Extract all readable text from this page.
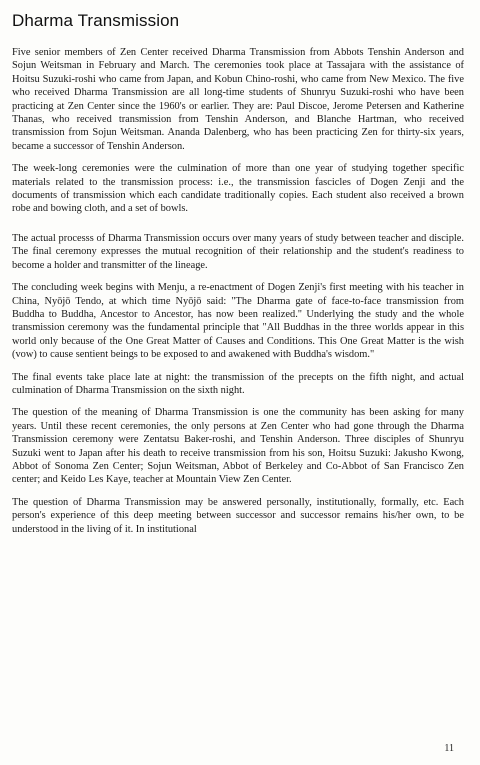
Dharma Transmission

Five senior members of Zen Center received Dharma Transmission from Abbots Tenshin Anderson and Sojun Weitsman in February and March. The ceremonies took place at Tassajara with the assistance of Hoitsu Suzuki-roshi who came from Japan, and Kobun Chino-roshi, who came from New Mexico. The five who received Dharma Transmission are all long-time students of Shunryu Suzuki-roshi who have been practicing at Zen Center since the 1960's or earlier. They are: Paul Discoe, Jerome Petersen and Katherine Thanas, who received transmission from Tenshin Anderson, and Blanche Hartman, who received transmission from Sojun Weitsman. Ananda Dalenberg, who has been practicing Zen for thirty-six years, became a successor of Tenshin Anderson.

The week-long ceremonies were the culmination of more than one year of studying together specific materials related to the transmission process: i.e., the transmission fascicles of Dogen Zenji and the documents of transmission which each candidate traditionally copies. Each student also received a brown robe and bowing cloth, and a set of bowls.

The actual processs of Dharma Transmission occurs over many years of study between teacher and disciple. The final ceremony expresses the mutual recognition of their relationship and the student's readiness to become a holder and transmitter of the lineage.

The concluding week begins with Menju, a re-enactment of Dogen Zenji's first meeting with his teacher in China, Nyōjō Tendo, at which time Nyōjō said: "The Dharma gate of face-to-face transmission from Buddha to Buddha, Ancestor to Ancestor, has now been realized." Underlying the study and the whole transmission ceremony was the fundamental principle that "All Buddhas in the three worlds appear in this world only because of the One Great Matter of Causes and Conditions. This One Great Matter is the wish (vow) to cause sentient beings to be exposed to and awakened with Buddha's wisdom."

The final events take place late at night: the transmission of the precepts on the fifth night, and actual culmination of Dharma Transmission on the sixth night.

The question of the meaning of Dharma Transmission is one the community has been asking for many years. Until these recent ceremonies, the only persons at Zen Center who had gone through the Dharma Transmission ceremony were Zentatsu Baker-roshi, and Tenshin Anderson. Three disciples of Shunryu Suzuki went to Japan after his death to receive transmission from his son, Hoitsu Suzuki: Jakusho Kwong, Abbot of Sonoma Zen Center; Sojun Weitsman, Abbot of Berkeley and Co-Abbot of San Francisco Zen center; and Keido Les Kaye, teacher at Mountain View Zen Center.

The question of Dharma Transmission may be answered personally, institutionally, formally, etc. Each person's experience of this deep meeting between successor and successor remains his/her own, to be understood in the living of it. In institutional

11
